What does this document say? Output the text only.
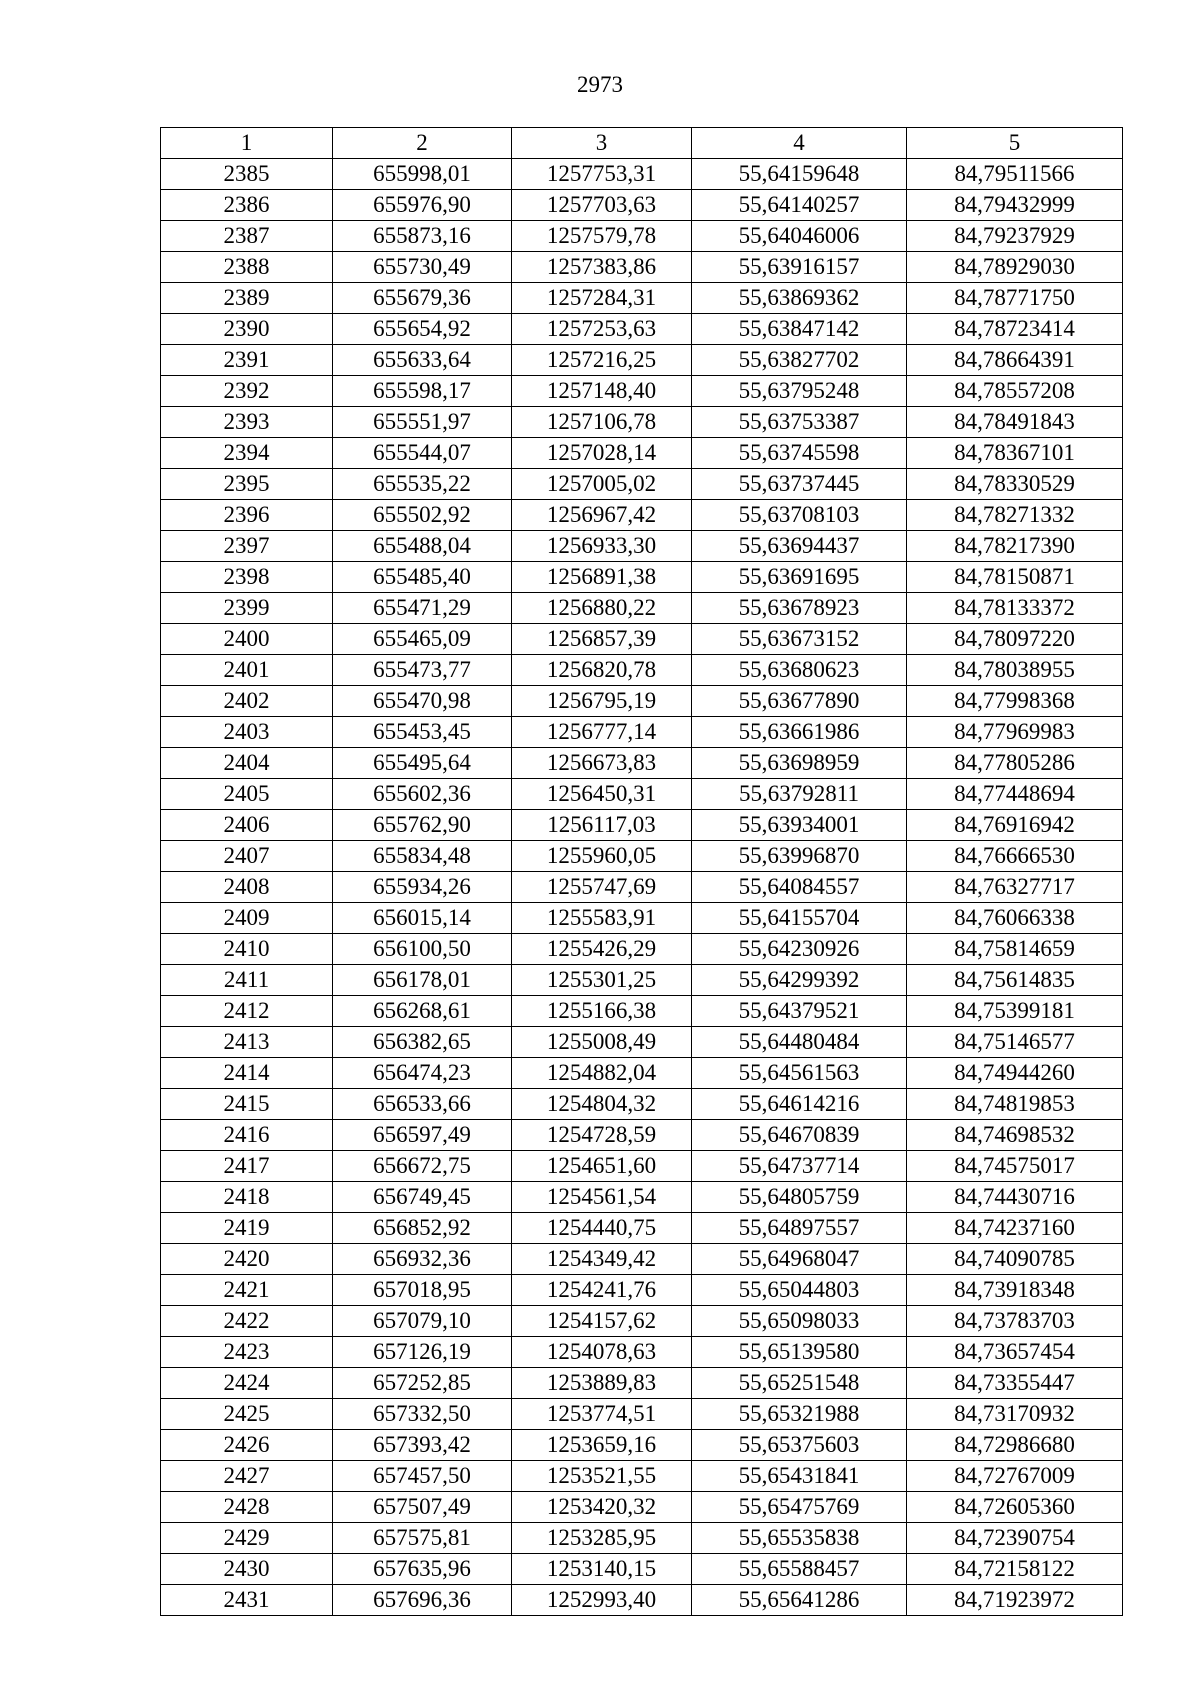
2973
1	2	3	4	5
2385	655998,01	1257753,31	55,64159648	84,79511566
2386	655976,90	1257703,63	55,64140257	84,79432999
2387	655873,16	1257579,78	55,64046006	84,79237929
2388	655730,49	1257383,86	55,63916157	84,78929030
2389	655679,36	1257284,31	55,63869362	84,78771750
2390	655654,92	1257253,63	55,63847142	84,78723414
2391	655633,64	1257216,25	55,63827702	84,78664391
2392	655598,17	1257148,40	55,63795248	84,78557208
2393	655551,97	1257106,78	55,63753387	84,78491843
2394	655544,07	1257028,14	55,63745598	84,78367101
2395	655535,22	1257005,02	55,63737445	84,78330529
2396	655502,92	1256967,42	55,63708103	84,78271332
2397	655488,04	1256933,30	55,63694437	84,78217390
2398	655485,40	1256891,38	55,63691695	84,78150871
2399	655471,29	1256880,22	55,63678923	84,78133372
2400	655465,09	1256857,39	55,63673152	84,78097220
2401	655473,77	1256820,78	55,63680623	84,78038955
2402	655470,98	1256795,19	55,63677890	84,77998368
2403	655453,45	1256777,14	55,63661986	84,77969983
2404	655495,64	1256673,83	55,63698959	84,77805286
2405	655602,36	1256450,31	55,63792811	84,77448694
2406	655762,90	1256117,03	55,63934001	84,76916942
2407	655834,48	1255960,05	55,63996870	84,76666530
2408	655934,26	1255747,69	55,64084557	84,76327717
2409	656015,14	1255583,91	55,64155704	84,76066338
2410	656100,50	1255426,29	55,64230926	84,75814659
2411	656178,01	1255301,25	55,64299392	84,75614835
2412	656268,61	1255166,38	55,64379521	84,75399181
2413	656382,65	1255008,49	55,64480484	84,75146577
2414	656474,23	1254882,04	55,64561563	84,74944260
2415	656533,66	1254804,32	55,64614216	84,74819853
2416	656597,49	1254728,59	55,64670839	84,74698532
2417	656672,75	1254651,60	55,64737714	84,74575017
2418	656749,45	1254561,54	55,64805759	84,74430716
2419	656852,92	1254440,75	55,64897557	84,74237160
2420	656932,36	1254349,42	55,64968047	84,74090785
2421	657018,95	1254241,76	55,65044803	84,73918348
2422	657079,10	1254157,62	55,65098033	84,73783703
2423	657126,19	1254078,63	55,65139580	84,73657454
2424	657252,85	1253889,83	55,65251548	84,73355447
2425	657332,50	1253774,51	55,65321988	84,73170932
2426	657393,42	1253659,16	55,65375603	84,72986680
2427	657457,50	1253521,55	55,65431841	84,72767009
2428	657507,49	1253420,32	55,65475769	84,72605360
2429	657575,81	1253285,95	55,65535838	84,72390754
2430	657635,96	1253140,15	55,65588457	84,72158122
2431	657696,36	1252993,40	55,65641286	84,71923972
